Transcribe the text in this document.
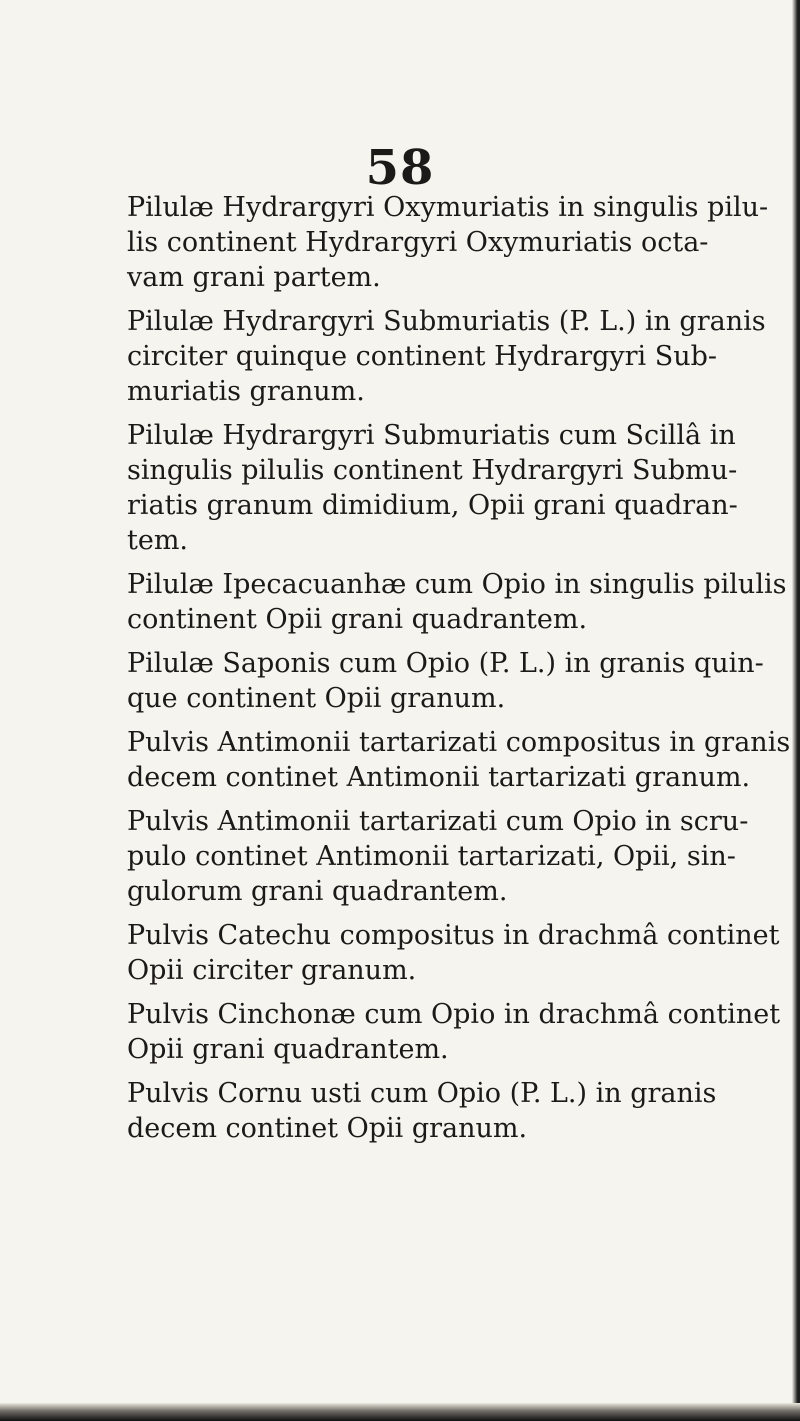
58

Pilulæ Hydrargyri Oxymuriatis in singulis pilu-
lis continent Hydrargyri Oxymuriatis octa-
vam grani partem.

Pilulæ Hydrargyri Submuriatis (P. L.) in granis
circiter quinque continent Hydrargyri Sub-
muriatis granum.

Pilulæ Hydrargyri Submuriatis cum Scillâ in
singulis pilulis continent Hydrargyri Submu-
riatis granum dimidium, Opii grani quadran-
tem.

Pilulæ Ipecacuanhæ cum Opio in singulis pilulis
continent Opii grani quadrantem.

Pilulæ Saponis cum Opio (P. L.) in granis quin-
que continent Opii granum.

Pulvis Antimonii tartarizati compositus in granis
decem continet Antimonii tartarizati granum.

Pulvis Antimonii tartarizati cum Opio in scru-
pulo continet Antimonii tartarizati, Opii, sin-
gulorum grani quadrantem.

Pulvis Catechu compositus in drachmâ continet
Opii circiter granum.

Pulvis Cinchonæ cum Opio in drachmâ continet
Opii grani quadrantem.

Pulvis Cornu usti cum Opio (P. L.) in granis
decem continet Opii granum.
